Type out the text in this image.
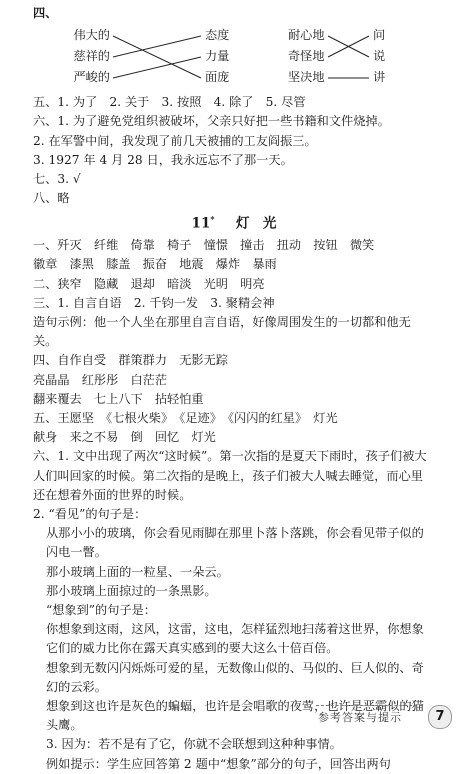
四、
伟大的
慈祥的
严峻的
态度
力量
面庞
耐心地
奇怪地
坚决地
问
说
讲
五、1. 为了　2. 关于　3. 按照　4. 除了　5. 尽管
六、1. 为了避免党组织被破坏，父亲只好把一些书籍和文件烧掉。
2. 在军警中间，我发现了前几天被捕的工友阎振三。
3. 1927 年 4 月 28 日，我永远忘不了那一天。
七、3. √
八、略
11* 灯　光
一、歼灭　纤维　倚靠　椅子　憧憬　撞击　扭动　按钮　微笑
徽章　漆黑　膝盖　振奋　地震　爆炸　暴雨
二、狭窄　隐藏　退却　暗淡　光明　明亮
三、1. 自言自语　2. 千钧一发　3. 聚精会神
造句示例：他一个人坐在那里自言自语，好像周围发生的一切都和他无关。
四、自作自受　群策群力　无影无踪
亮晶晶　红彤彤　白茫茫
翻来覆去　七上八下　拈轻怕重
五、王愿坚　《七根火柴》　《足迹》　《闪闪的红星》　灯光
献身　来之不易　倒　回忆　灯光
六、1. 文中出现了两次“这时候”。第一次指的是夏天下雨时，孩子们被大人们叫回家的时候。第二次指的是晚上，孩子们被大人喊去睡觉，而心里还在想着外面的世界的时候。
2. “看见”的句子是：
从那小小的玻璃，你会看见雨脚在那里卜落卜落跳，你会看见带子似的闪电一瞥。
那小玻璃上面的一粒星、一朵云。
那小玻璃上面掠过的一条黑影。
“想象到”的句子是：
你想象到这雨，这风，这雷，这电，怎样猛烈地扫荡着这世界，你想象它们的威力比你在露天真实感到的要大这么十倍百倍。
想象到无数闪闪烁烁可爱的星，无数像山似的、马似的、巨人似的、奇幻的云彩。
想象到这也许是灰色的蝙蝠，也许是会唱歌的夜莺，也许是恶霸似的猫头鹰。
3. 因为：若不是有了它，你就不会联想到这种种事情。
例如提示：学生应回答第 2 题中“想象”部分的句子，回答出两句
参考答案与提示	7
